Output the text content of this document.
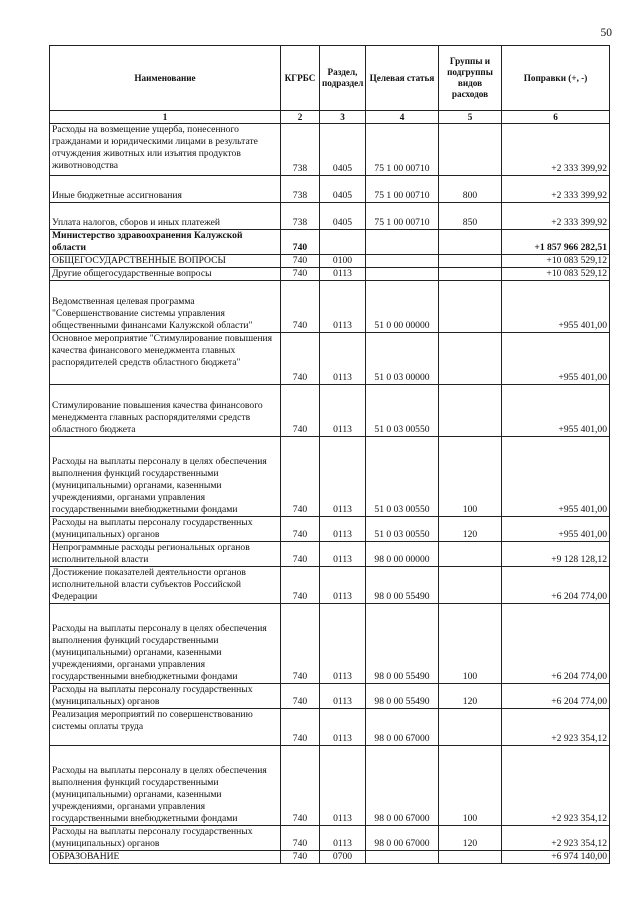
50
Наименование	КГРБС	Раздел, подраздел	Целевая статья	Группы и подгруппы видов расходов	Поправки (+, -)
1	2	3	4	5	6
Расходы на возмещение ущерба, понесенного гражданами и юридическими лицами в результате отчуждения животных или изъятия продуктов животноводства	738	0405	75 1 00 00710		+2 333 399,92
Иные бюджетные ассигнования	738	0405	75 1 00 00710	800	+2 333 399,92
Уплата налогов, сборов и иных платежей	738	0405	75 1 00 00710	850	+2 333 399,92
Министерство здравоохранения Калужской области	740				+1 857 966 282,51
ОБЩЕГОСУДАРСТВЕННЫЕ ВОПРОСЫ	740	0100			+10 083 529,12
Другие общегосударственные вопросы	740	0113			+10 083 529,12
Ведомственная целевая программа "Совершенствование системы управления общественными финансами Калужской области"	740	0113	51 0 00 00000		+955 401,00
Основное мероприятие "Стимулирование повышения качества финансового менеджмента главных распорядителей средств областного бюджета"	740	0113	51 0 03 00000		+955 401,00
Стимулирование повышения качества финансового менеджмента главных распорядителями средств областного бюджета	740	0113	51 0 03 00550		+955 401,00
Расходы на выплаты персоналу в целях обеспечения выполнения функций государственными (муниципальными) органами, казенными учреждениями, органами управления государственными внебюджетными фондами	740	0113	51 0 03 00550	100	+955 401,00
Расходы на выплаты персоналу государственных (муниципальных) органов	740	0113	51 0 03 00550	120	+955 401,00
Непрограммные расходы региональных органов исполнительной власти	740	0113	98 0 00 00000		+9 128 128,12
Достижение показателей деятельности органов исполнительной власти субъектов Российской Федерации	740	0113	98 0 00 55490		+6 204 774,00
Расходы на выплаты персоналу в целях обеспечения выполнения функций государственными (муниципальными) органами, казенными учреждениями, органами управления государственными внебюджетными фондами	740	0113	98 0 00 55490	100	+6 204 774,00
Расходы на выплаты персоналу государственных (муниципальных) органов	740	0113	98 0 00 55490	120	+6 204 774,00
Реализация мероприятий по совершенствованию системы оплаты труда	740	0113	98 0 00 67000		+2 923 354,12
Расходы на выплаты персоналу в целях обеспечения выполнения функций государственными (муниципальными) органами, казенными учреждениями, органами управления государственными внебюджетными фондами	740	0113	98 0 00 67000	100	+2 923 354,12
Расходы на выплаты персоналу государственных (муниципальных) органов	740	0113	98 0 00 67000	120	+2 923 354,12
ОБРАЗОВАНИЕ	740	0700			+6 974 140,00
